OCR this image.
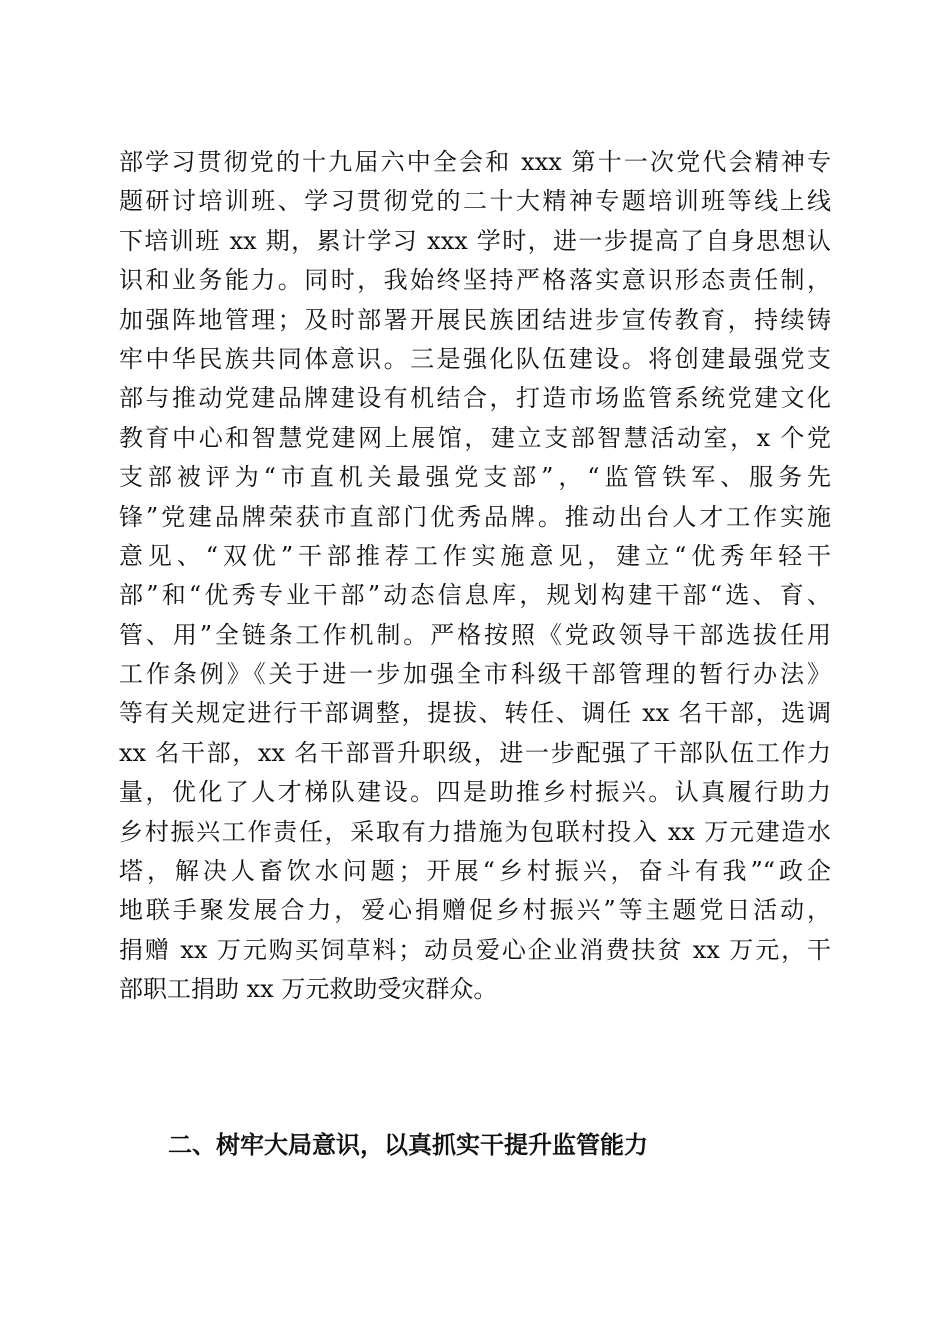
部学习贯彻党的十九届六中全会和 xxx 第十一次党代会精神专
题研讨培训班、学习贯彻党的二十大精神专题培训班等线上线
下培训班 xx 期，累计学习 xxx 学时，进一步提高了自身思想认
识和业务能力。同时，我始终坚持严格落实意识形态责任制，
加强阵地管理；及时部署开展民族团结进步宣传教育，持续铸
牢中华民族共同体意识。三是强化队伍建设。将创建最强党支
部与推动党建品牌建设有机结合，打造市场监管系统党建文化
教育中心和智慧党建网上展馆，建立支部智慧活动室，x 个党
支部被评为“市直机关最强党支部”，“监管铁军、服务先
锋”党建品牌荣获市直部门优秀品牌。推动出台人才工作实施
意见、“双优”干部推荐工作实施意见，建立“优秀年轻干
部”和“优秀专业干部”动态信息库，规划构建干部“选、育、
管、用”全链条工作机制。严格按照《党政领导干部选拔任用
工作条例》《关于进一步加强全市科级干部管理的暂行办法》
等有关规定进行干部调整，提拔、转任、调任 xx 名干部，选调
xx 名干部，xx 名干部晋升职级，进一步配强了干部队伍工作力
量，优化了人才梯队建设。四是助推乡村振兴。认真履行助力
乡村振兴工作责任，采取有力措施为包联村投入 xx 万元建造水
塔，解决人畜饮水问题；开展“乡村振兴，奋斗有我”“政企
地联手聚发展合力，爱心捐赠促乡村振兴”等主题党日活动，
捐赠 xx 万元购买饲草料；动员爱心企业消费扶贫 xx 万元，干
部职工捐助 xx 万元救助受灾群众。
二、树牢大局意识，以真抓实干提升监管能力
